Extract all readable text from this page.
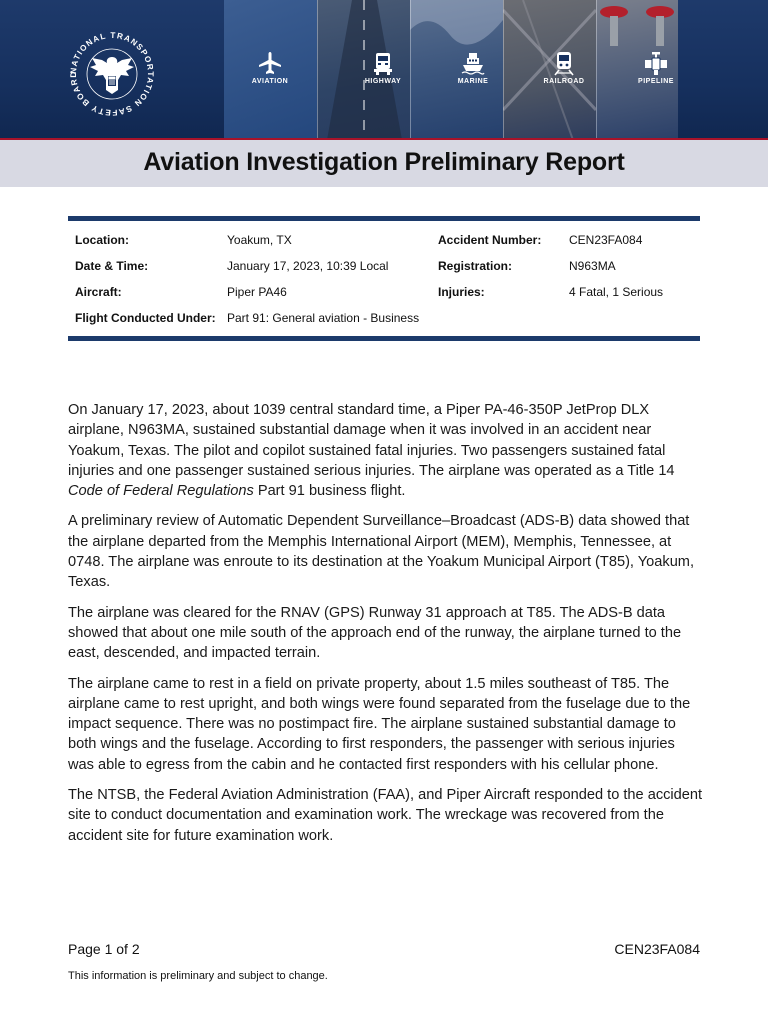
NATIONAL TRANSPORTATION SAFETY BOARD
AVIATION	HIGHWAY	MARINE	RAILROAD	PIPELINE
Aviation Investigation Preliminary Report
Location:	Yoakum, TX	Accident Number: CEN23FA084
Date & Time:	January 17, 2023, 10:39 Local	Registration:	N963MA
Aircraft:	Piper PA46	Injuries:	4 Fatal, 1 Serious
Flight Conducted Under: Part 91: General aviation - Business

On January 17, 2023, about 1039 central standard time, a Piper PA-46-350P JetProp DLX airplane, N963MA, sustained substantial damage when it was involved in an accident near Yoakum, Texas. The pilot and copilot sustained fatal injuries. Two passengers sustained fatal injuries and one passenger sustained serious injuries. The airplane was operated as a Title 14 Code of Federal Regulations Part 91 business flight.

A preliminary review of Automatic Dependent Surveillance–Broadcast (ADS-B) data showed that the airplane departed from the Memphis International Airport (MEM), Memphis, Tennessee, at 0748. The airplane was enroute to its destination at the Yoakum Municipal Airport (T85), Yoakum, Texas.

The airplane was cleared for the RNAV (GPS) Runway 31 approach at T85. The ADS-B data showed that about one mile south of the approach end of the runway, the airplane turned to the east, descended, and impacted terrain.

The airplane came to rest in a field on private property, about 1.5 miles southeast of T85. The airplane came to rest upright, and both wings were found separated from the fuselage due to the impact sequence. There was no postimpact fire. The airplane sustained substantial damage to both wings and the fuselage. According to first responders, the passenger with serious injuries was able to egress from the cabin and he contacted first responders with his cellular phone.

The NTSB, the Federal Aviation Administration (FAA), and Piper Aircraft responded to the accident site to conduct documentation and examination work. The wreckage was recovered from the accident site for future examination work.

Page 1 of 2	CEN23FA084
This information is preliminary and subject to change.
